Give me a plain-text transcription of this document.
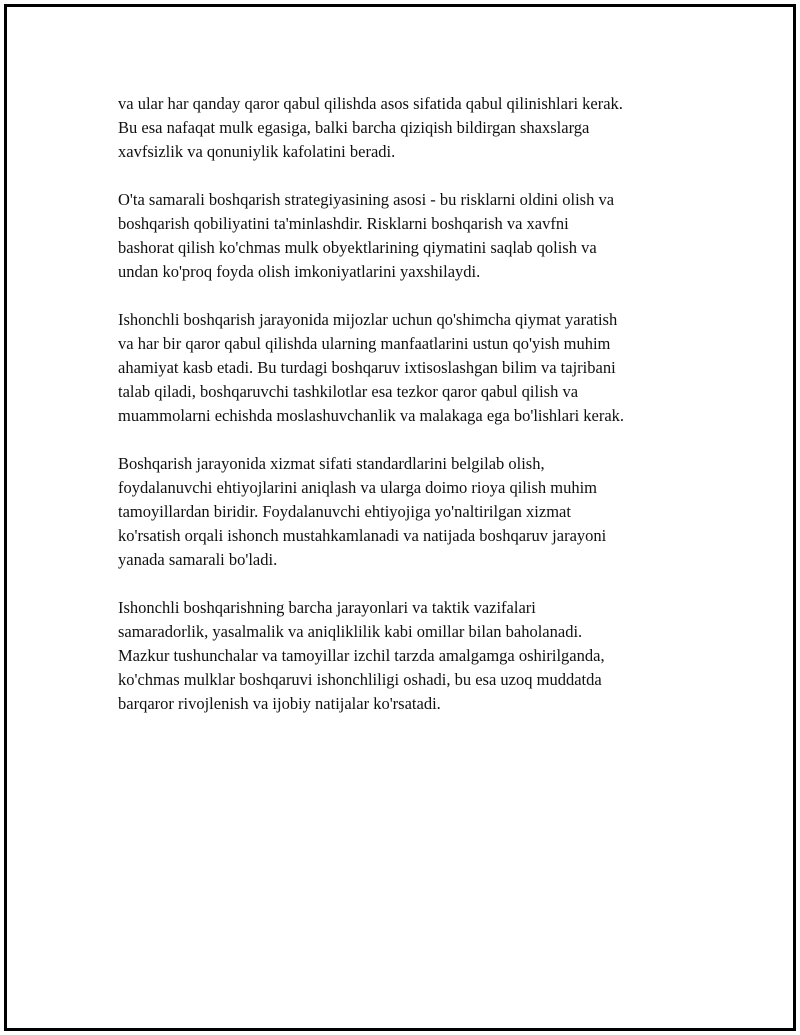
va ular har qanday qaror qabul qilishda asos sifatida qabul qilinishlari kerak.
Bu esa nafaqat mulk egasiga, balki barcha qiziqish bildirgan shaxslarga
xavfsizlik va qonuniylik kafolatini beradi.

O'ta samarali boshqarish strategiyasining asosi - bu risklarni oldini olish va
boshqarish qobiliyatini ta'minlashdir. Risklarni boshqarish va xavfni
bashorat qilish ko'chmas mulk obyektlarining qiymatini saqlab qolish va
undan ko'proq foyda olish imkoniyatlarini yaxshilaydi.

Ishonchli boshqarish jarayonida mijozlar uchun qo'shimcha qiymat yaratish
va har bir qaror qabul qilishda ularning manfaatlarini ustun qo'yish muhim
ahamiyat kasb etadi. Bu turdagi boshqaruv ixtisoslashgan bilim va tajribani
talab qiladi, boshqaruvchi tashkilotlar esa tezkor qaror qabul qilish va
muammolarni echishda moslashuvchanlik va malakaga ega bo'lishlari kerak.

Boshqarish jarayonida xizmat sifati standardlarini belgilab olish,
foydalanuvchi ehtiyojlarini aniqlash va ularga doimo rioya qilish muhim
tamoyillardan biridir. Foydalanuvchi ehtiyojiga yo'naltirilgan xizmat
ko'rsatish orqali ishonch mustahkamlanadi va natijada boshqaruv jarayoni
yanada samarali bo'ladi.

Ishonchli boshqarishning barcha jarayonlari va taktik vazifalari
samaradorlik, yasalmalik va aniqliklilik kabi omillar bilan baholanadi.
Mazkur tushunchalar va tamoyillar izchil tarzda amalgamga oshirilganda,
ko'chmas mulklar boshqaruvi ishonchliligi oshadi, bu esa uzoq muddatda
barqaror rivojlenish va ijobiy natijalar ko'rsatadi.
